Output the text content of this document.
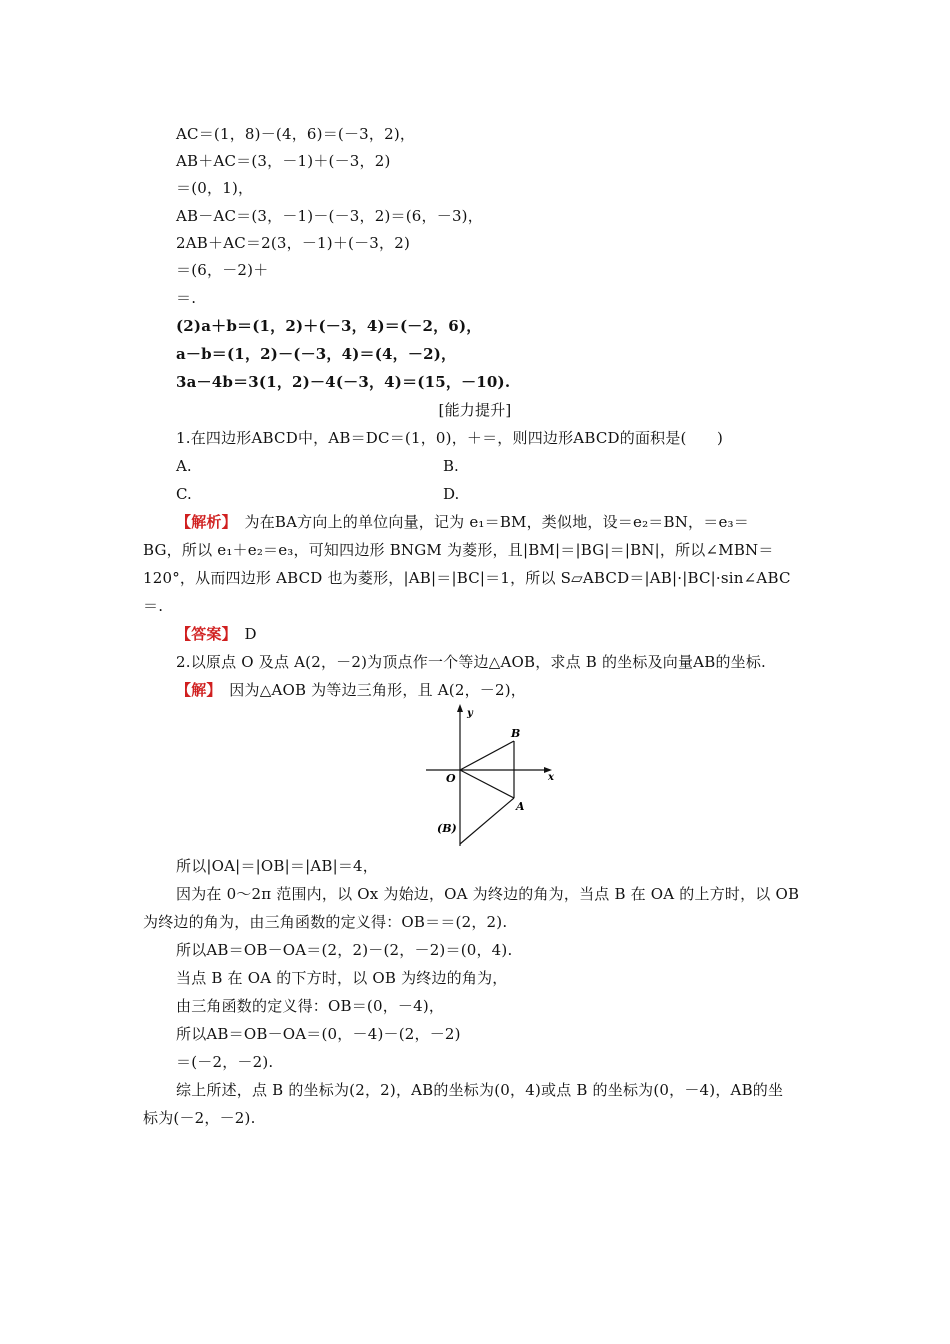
AC＝(1，8)－(4，6)＝(－3，2)，
AB＋AC＝(3，－1)＋(－3，2)
＝(0，1)，
AB－AC＝(3，－1)－(－3，2)＝(6，－3)，
2AB＋AC＝2(3，－1)＋(－3，2)
＝(6，－2)＋
＝.
(2)a＋b＝(1，2)＋(－3，4)＝(－2，6)，
a－b＝(1，2)－(－3，4)＝(4，－2)，
3a－4b＝3(1，2)－4(－3，4)＝(15，－10).
[能力提升]
1.在四边形ABCD中，AB＝DC＝(1，0)，＋＝，则四边形ABCD的面积是(　　)
A.	B.
C.	D.
【解析】　为在BA方向上的单位向量，记为 e₁＝BM，类似地，设＝e₂＝BN，＝e₃＝
BG，所以 e₁＋e₂＝e₃，可知四边形 BNGM 为菱形，且|BM|＝|BG|＝|BN|，所以∠MBN＝
120°，从而四边形 ABCD 也为菱形，|AB|＝|BC|＝1，所以 S▱ABCD＝|AB|·|BC|·sin∠ABC
＝.
【答案】　D
2.以原点 O 及点 A(2，－2)为顶点作一个等边△AOB，求点 B 的坐标及向量AB的坐标.
【解】　因为△AOB 为等边三角形，且 A(2，－2)，
y
x
O
A
B
(B)
所以|OA|＝|OB|＝|AB|＝4，
因为在 0～2π 范围内，以 Ox 为始边，OA 为终边的角为，当点 B 在 OA 的上方时，以 OB
为终边的角为，由三角函数的定义得：OB＝＝(2，2).
所以AB＝OB－OA＝(2，2)－(2，－2)＝(0，4).
当点 B 在 OA 的下方时，以 OB 为终边的角为，
由三角函数的定义得：OB＝(0，－4)，
所以AB＝OB－OA＝(0，－4)－(2，－2)
＝(－2，－2).
综上所述，点 B 的坐标为(2，2)，AB的坐标为(0，4)或点 B 的坐标为(0，－4)，AB的坐
标为(－2，－2).
